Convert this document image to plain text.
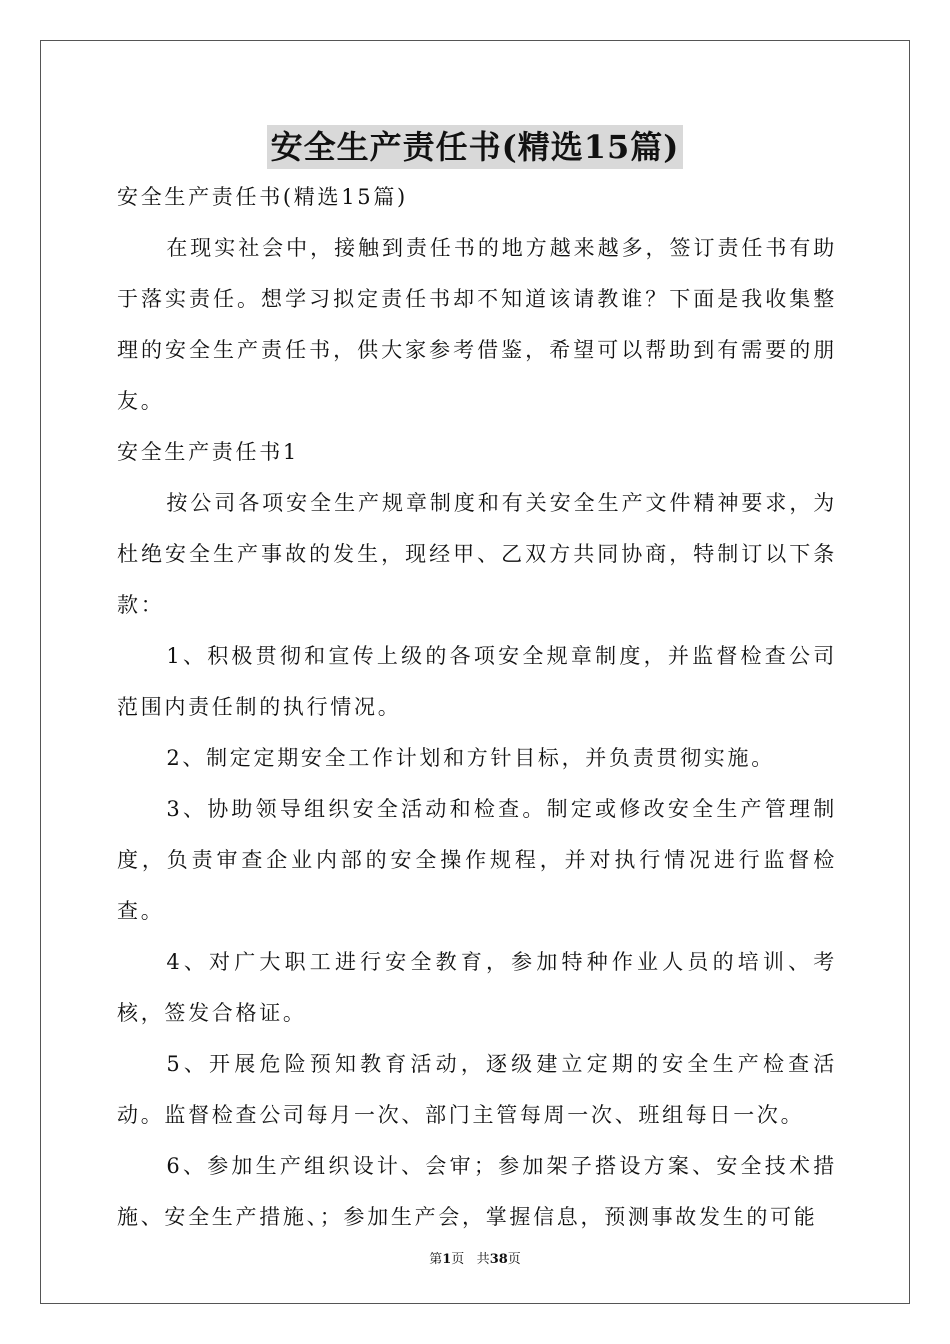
安全生产责任书(精选15篇)

安全生产责任书(精选15篇)

在现实社会中，接触到责任书的地方越来越多，签订责任书有助于落实责任。想学习拟定责任书却不知道该请教谁？下面是我收集整理的安全生产责任书，供大家参考借鉴，希望可以帮助到有需要的朋友。

安全生产责任书1

按公司各项安全生产规章制度和有关安全生产文件精神要求，为杜绝安全生产事故的发生，现经甲、乙双方共同协商，特制订以下条款：

1、积极贯彻和宣传上级的各项安全规章制度，并监督检查公司范围内责任制的执行情况。

2、制定定期安全工作计划和方针目标，并负责贯彻实施。

3、协助领导组织安全活动和检查。制定或修改安全生产管理制度，负责审查企业内部的安全操作规程，并对执行情况进行监督检查。

4、对广大职工进行安全教育，参加特种作业人员的培训、考核，签发合格证。

5、开展危险预知教育活动，逐级建立定期的安全生产检查活动。监督检查公司每月一次、部门主管每周一次、班组每日一次。

6、参加生产组织设计、会审；参加架子搭设方案、安全技术措施、安全生产措施、；参加生产会，掌握信息，预测事故发生的可能

第1页 共38页
